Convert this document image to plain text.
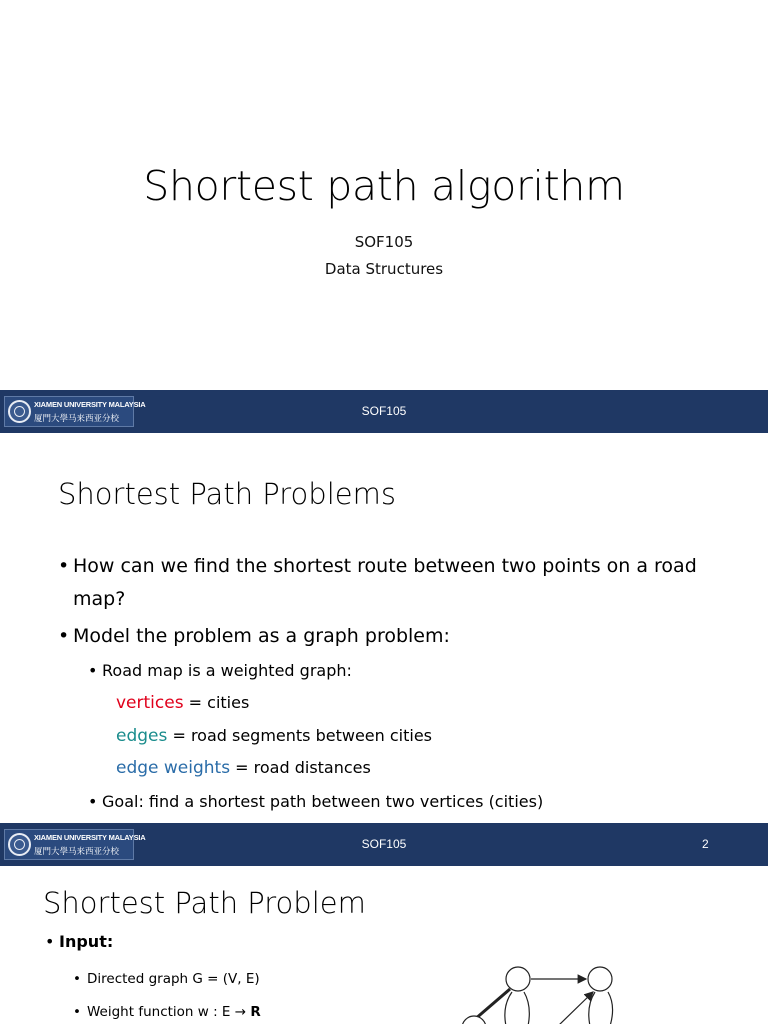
Shortest path algorithm
SOF105
Data Structures
XIAMEN UNIVERSITY MALAYSIA
厦門大學马来西亚分校
SOF105
Shortest Path Problems
• How can we find the shortest route between two points on a road
map?
• Model the problem as a graph problem:
• Road map is a weighted graph:
vertices = cities
edges = road segments between cities
edge weights = road distances
• Goal: find a shortest path between two vertices (cities)
XIAMEN UNIVERSITY MALAYSIA
厦門大學马来西亚分校
SOF105	2
Shortest Path Problem
• Input:
• Directed graph G = (V, E)
• Weight function w : E → R
